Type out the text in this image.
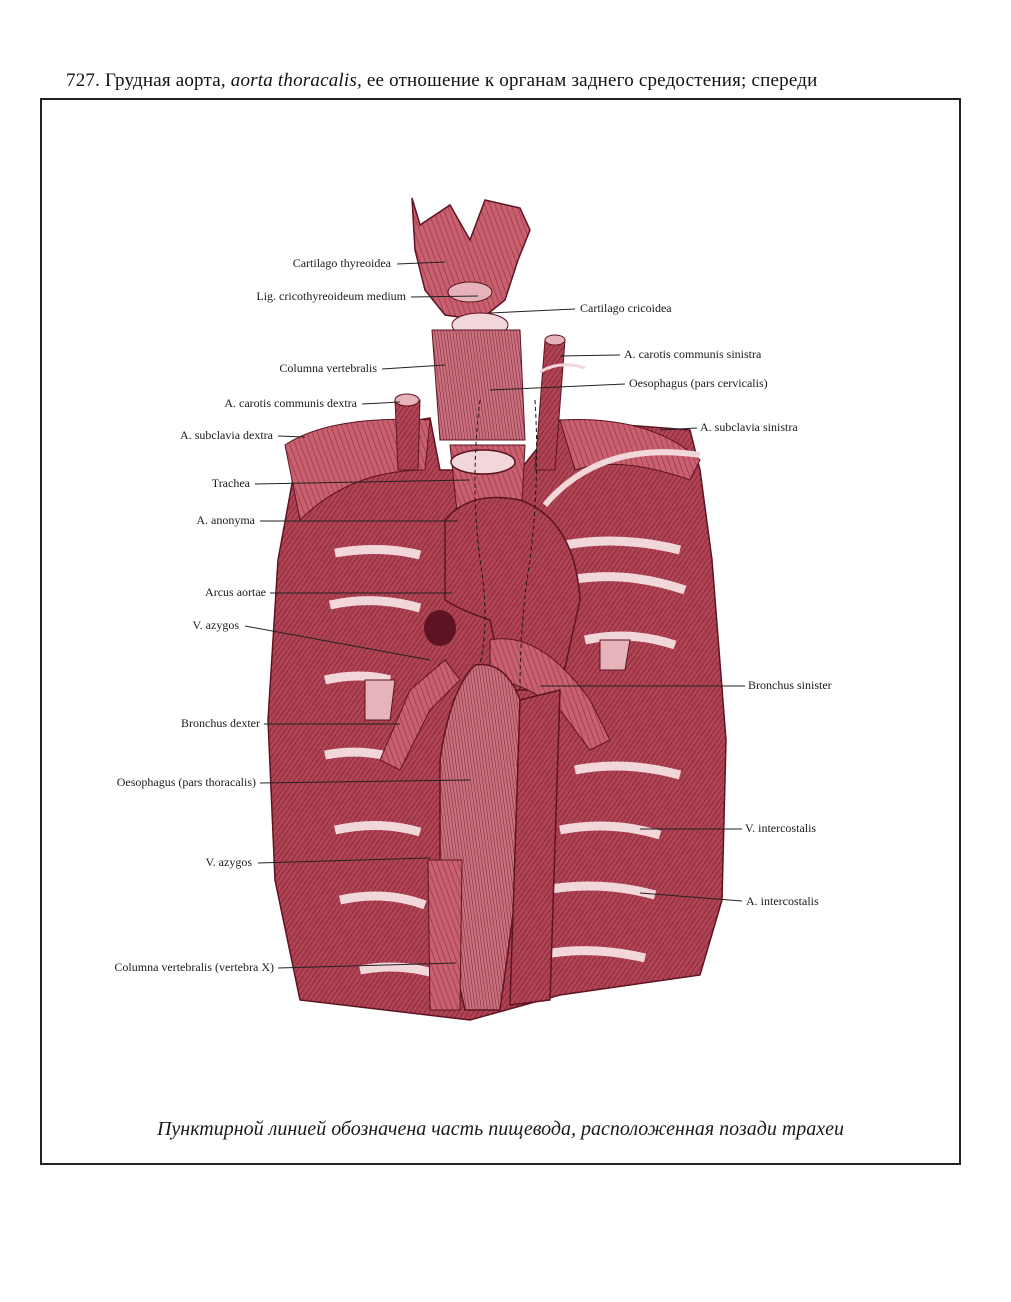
727. Грудная аорта, aorta thoracalis, ее отношение к органам заднего средостения; спереди
Cartilago thyreoidea
Lig. cricothyreoideum medium
Cartilago cricoidea
A. carotis communis sinistra
Columna vertebralis
Oesophagus (pars cervicalis)
A. carotis communis dextra
A. subclavia dextra
A. subclavia sinistra
Trachea
A. anonyma
Arcus aortae
V. azygos
Bronchus sinister
Bronchus dexter
Oesophagus (pars thoracalis)
V. intercostalis
V. azygos
A. intercostalis
Columna vertebralis (vertebra X)
Пунктирной линией обозначена часть пищевода, расположенная позади трахеи
